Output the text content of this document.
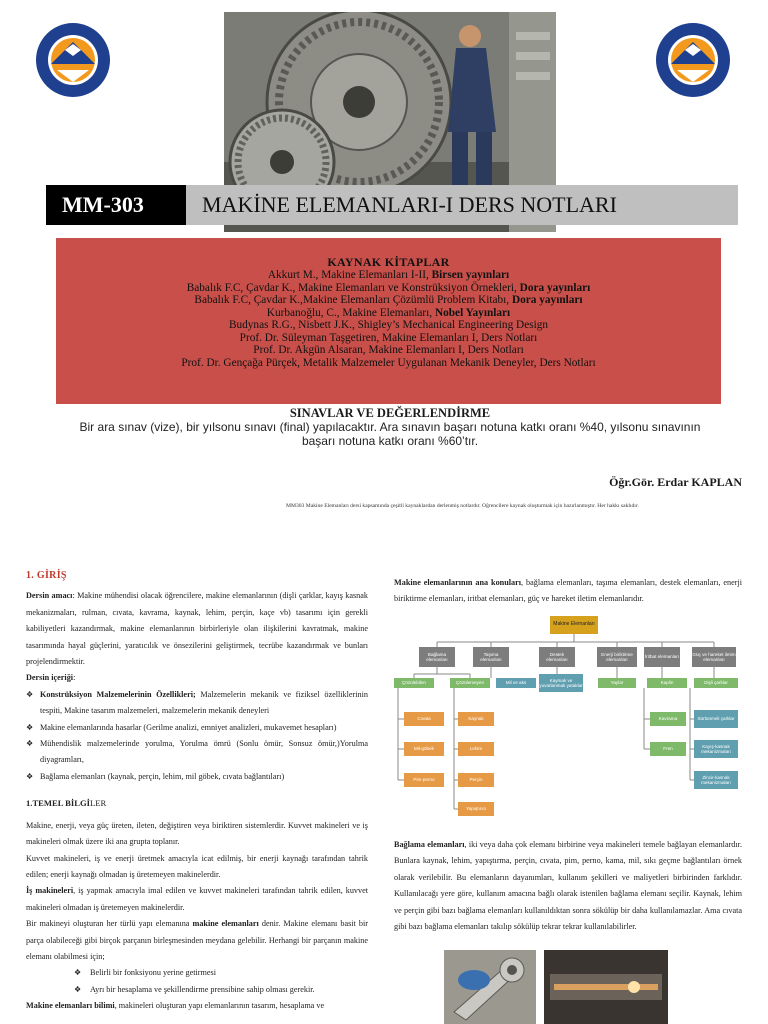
MM-303	MAKİNE ELEMANLARI-I DERS NOTLARI
KAYNAK KİTAPLAR

Akkurt M., Makine Elemanları I-II, Birsen yayınları

Babalık F.C, Çavdar K., Makine Elemanları ve Konstrüksiyon Örnekleri, Dora yayınları

Babalık F.C, Çavdar K.,Makine Elemanları Çözümlü Problem Kitabı, Dora yayınları

Kurbanoğlu, C., Makine Elemanları, Nobel Yayınları

Budynas R.G., Nisbett J.K., Shigley’s Mechanical Engineering Design

Prof. Dr. Süleyman Taşgetiren, Makine Elemanları I, Ders Notları

Prof. Dr. Akgün Alsaran, Makine Elemanları I, Ders Notları

Prof. Dr. Gençağa Pürçek, Metalik Malzemeler Uygulanan Mekanik Deneyler, Ders Notları

SINAVLAR VE DEĞERLENDİRME

Bir ara sınav (vize), bir yılsonu sınavı (final) yapılacaktır. Ara sınavın başarı notuna katkı oranı %40, yılsonu sınavının başarı notuna katkı oranı %60’tır.

Öğr.Gör. Erdar KAPLAN
MM303 Makine Elemanları dersi kapsamında çeşitli kaynaklardan derlenmiş notlardır. Öğrencilere kaynak oluşturmak için hazırlanmıştır. Her hakkı saklıdır.
1. GİRİŞ

Dersin amacı: Makine mühendisi olacak öğrencilere, makine elemanlarının (dişli çarklar, kayış kasnak mekanizmaları, rulman, cıvata, kavrama, kaynak, lehim, perçin, kaçe vb) tasarımı için gerekli kabiliyetleri kazandırmak, makine elemanlarının birbirleriyle olan ilişkilerini kavratmak, makine tasarımında hayal güçlerini, yaratıcılık ve önsezilerini geliştirmek, tecrübe kazandırmak ve bunları projelendirmektir.

Dersin içeriği:

❖ Konstrüksiyon Malzemelerinin Özellikleri; Malzemelerin mekanik ve fiziksel özelliklerinin tespiti, Makine tasarım malzemeleri, malzemelerin mekanik deneyleri
❖ Makine elemanlarında hasarlar (Gerilme analizi, emniyet analizleri, mukavemet hesapları)
❖ Mühendislik malzemelerinde yorulma, Yorulma ömrü (Sonlu ömür, Sonsuz ömür,)Yorulma diyagramları,
❖ Bağlama elemanları (kaynak, perçin, lehim, mil göbek, cıvata bağlantıları)
1.TEMEL BİLGİLER

Makine, enerji, veya güç üreten, ileten, değiştiren veya biriktiren sistemlerdir. Kuvvet makineleri ve iş makineleri olmak üzere iki ana grupta toplanır.

Kuvvet makineleri, iş ve enerji üretmek amacıyla icat edilmiş, bir enerji kaynağı tarafından tahrik edilen; enerji kaynağı olmadan iş üretemeyen makinelerdir.

İş makineleri, iş yapmak amacıyla imal edilen ve kuvvet makineleri tarafından tahrik edilen, kuvvet makineleri olmadan iş üretemeyen makinelerdir.

Bir makineyi oluşturan her türlü yapı elemanına makine elemanları denir. Makine elemanı basit bir parça olabileceği gibi birçok parçanın birleşmesinden meydana gelebilir. Herhangi bir parçanın makine elemanı olabilmesi için;

❖ Belirli bir fonksiyonu yerine getirmesi
❖ Ayrı bir hesaplama ve şekillendirme prensibine sahip olması gerekir.

Makine elemanları bilimi, makineleri oluşturan yapı elemanlarının tasarım, hesaplama ve

Makine elemanlarının ana konuları, bağlama elemanları, taşıma elemanları, destek elemanları, enerji biriktirme elemanları, iritbat elemanları, güç ve hareket iletim elemanlarıdır.

Makine Elemanları
Bağlama elemanları
Taşıma elemanları
Destek elemanları
Enerji biriktirme elemanları
İritbat elemanları
Güç ve hareket iletim elemanları
Çözülebilen	Çözülemeyen	Mil ve aks
Kaymalı ve yuvarlanmalı yataklar
Yaylar	Kaplin	Dişli çarklar
Cıvata
Mil-göbek
Pim-perno
Kaynak
Lehim
Perçin
Yapıştırıcı
Kavrama
Fren
Sürtünmeli çarklar
Kayış-kasnak mekanizmaları
Zincir-kasnak mekanizmaları

Bağlama elemanları, iki veya daha çok elemanı birbirine veya makineleri temele bağlayan elemanlardır. Bunlara kaynak, lehim, yapıştırma, perçin, cıvata, pim, perno, kama, mil, sıkı geçme bağlantıları örnek olarak verilebilir. Bu elemanların dayanımları, kullanım şekilleri ve maliyetleri birbirinden farklıdır. Kullanılacağı yere göre, kullanım amacına bağlı olarak istenilen bağlama elemanı seçilir. Kaynak, lehim ve perçin gibi bazı bağlama elemanları kullanıldıktan sonra sökülüp bir daha kullanılamazlar. Ama cıvata gibi bazı bağlama elemanları takılıp sökülüp tekrar tekrar kullanılabilirler.
